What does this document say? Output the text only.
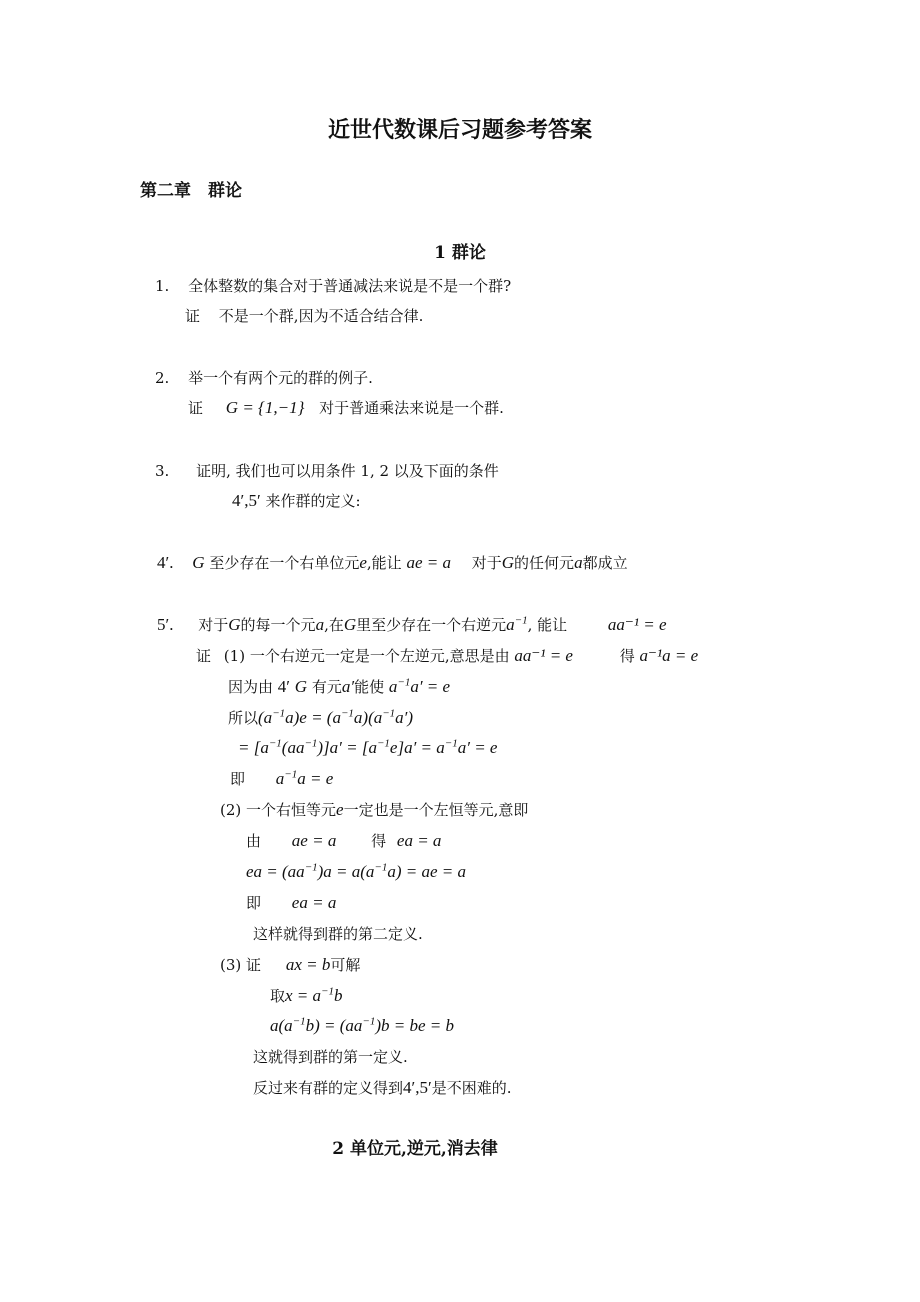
近世代数课后习题参考答案
第二章　群论
1 群论
1. 全体整数的集合对于普通减法来说是不是一个群?
证 不是一个群,因为不适合结合律.
2. 举一个有两个元的群的例子.
证 G = {1,−1} 对于普通乘法来说是一个群.
3. 证明, 我们也可以用条件 1, 2 以及下面的条件
4′,5′ 来作群的定义:
4′. G 至少存在一个右单位元e,能让 ae = a 对于G的任何元a都成立
5′. 对于G的每一个元a,在G里至少存在一个右逆元$a^{-1}$, 能让 aa⁻¹ = e
证 (1) 一个右逆元一定是一个左逆元,意思是由 aa⁻¹ = e	得 a⁻¹a = e
因为由 4′ G 有元a′能使 $a^{-1}a' = e$
所以$(a^{-1}a)e = (a^{-1}a)(a^{-1}a')$
= $[a^{-1}(aa^{-1})]a' = [a^{-1}e]a' = a^{-1}a' = e$
即 $a^{-1}a = e$
(2) 一个右恒等元e一定也是一个左恒等元,意即
由 ae = a 得 ea = a
ea = $(aa^{-1})a = a(a^{-1}a)$ = ae = a
即 ea = a
这样就得到群的第二定义.
(3) 证 ax = b可解
取$x = a^{-1}b$
$a(a^{-1}b) = (aa^{-1})b$ = be = b
这就得到群的第一定义.
反过来有群的定义得到4′,5′是不困难的.
2 单位元,逆元,消去律
